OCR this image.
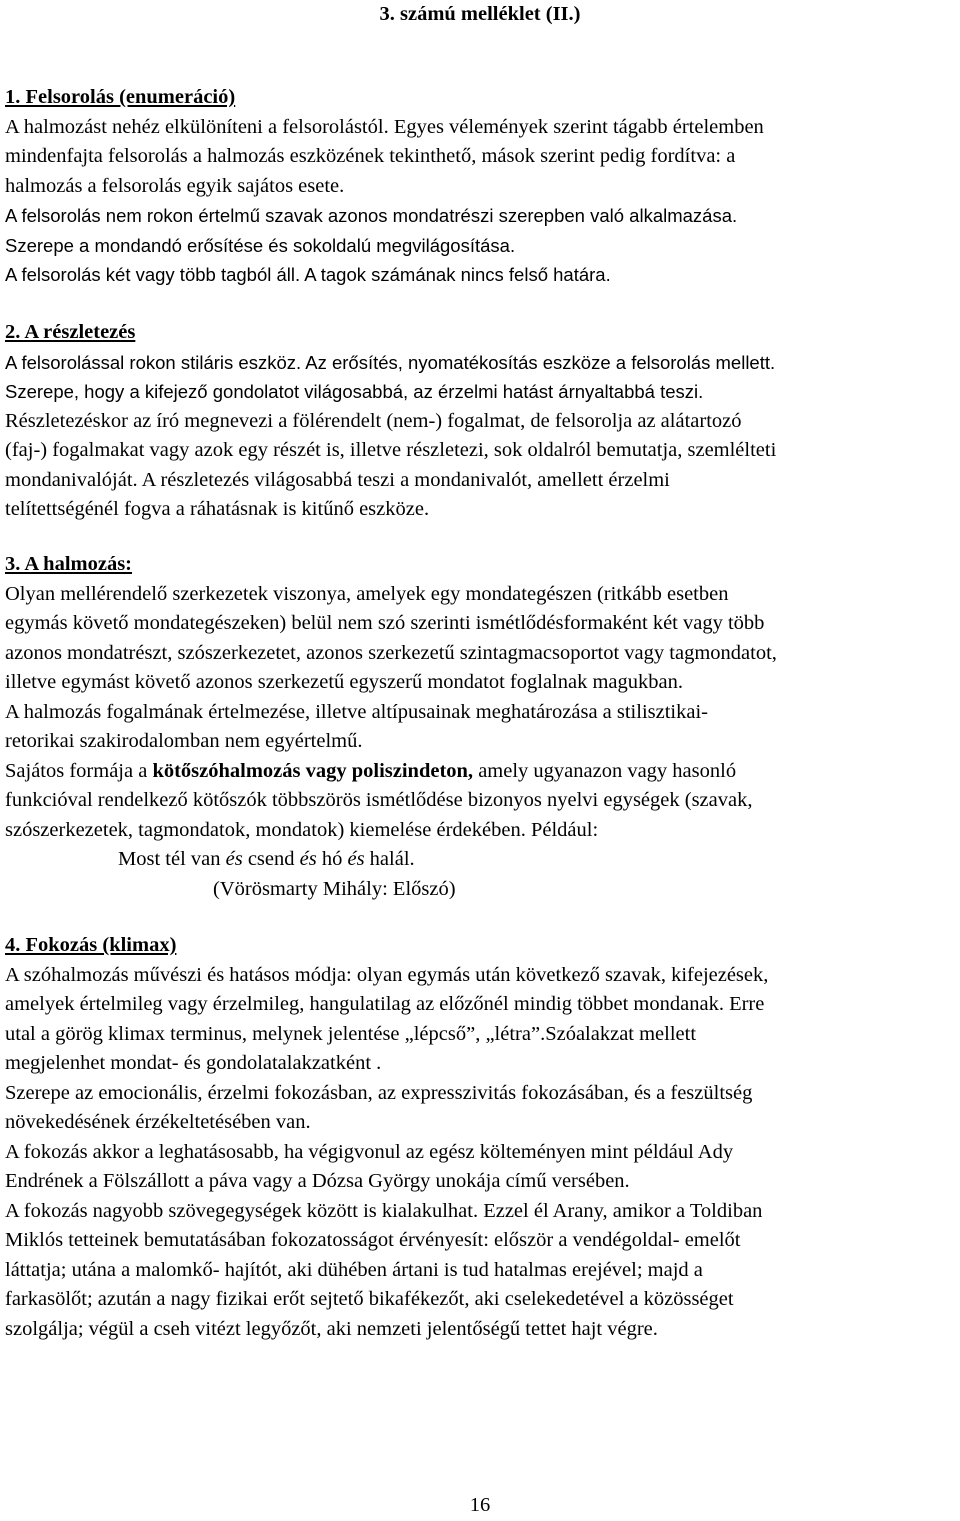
3. számú melléklet (II.)
1. Felsorolás (enumeráció)
A halmozást nehéz elkülöníteni a felsorolástól. Egyes vélemények szerint tágabb értelemben
mindenfajta felsorolás a halmozás eszközének tekinthető, mások szerint pedig fordítva: a
halmozás a felsorolás egyik sajátos esete.
A felsorolás nem rokon értelmű szavak azonos mondatrészi szerepben való alkalmazása.
Szerepe a mondandó erősítése és sokoldalú megvilágosítása.
A felsorolás két vagy több tagból áll. A tagok számának nincs felső határa.
2. A részletezés
A felsorolással rokon stiláris eszköz. Az erősítés, nyomatékosítás eszköze a felsorolás mellett.
Szerepe, hogy a kifejező gondolatot világosabbá, az érzelmi hatást árnyaltabbá teszi.
Részletezéskor az író megnevezi a fölérendelt (nem-) fogalmat, de felsorolja az alátartozó
(faj-) fogalmakat vagy azok egy részét is, illetve részletezi, sok oldalról bemutatja, szemlélteti
mondanivalóját. A részletezés világosabbá teszi a mondanivalót, amellett érzelmi
telítettségénél fogva a ráhatásnak is kitűnő eszköze.
3. A halmozás:
Olyan mellérendelő szerkezetek viszonya, amelyek egy mondategészen (ritkább esetben
egymás követő mondategészeken) belül nem szó szerinti ismétlődésformaként két vagy több
azonos mondatrészt, szószerkezetet, azonos szerkezetű szintagmacsoportot vagy tagmondatot,
illetve egymást követő azonos szerkezetű egyszerű mondatot foglalnak magukban.
A halmozás fogalmának értelmezése, illetve altípusainak meghatározása a stilisztikai-
retorikai szakirodalomban nem egyértelmű.
Sajátos formája a kötőszóhalmozás vagy poliszindeton, amely ugyanazon vagy hasonló
funkcióval rendelkező kötőszók többszörös ismétlődése bizonyos nyelvi egységek (szavak,
szószerkezetek, tagmondatok, mondatok) kiemelése érdekében. Például:
Most tél van és csend és hó és halál.
(Vörösmarty Mihály: Előszó)
4. Fokozás (klimax)
A szóhalmozás művészi és hatásos módja: olyan egymás után következő szavak, kifejezések,
amelyek értelmileg vagy érzelmileg, hangulatilag az előzőnél mindig többet mondanak. Erre
utal a görög klimax terminus, melynek jelentése „lépcső”, „létra”.Szóalakzat mellett
megjelenhet mondat- és gondolatalakzatként .
Szerepe az emocionális, érzelmi fokozásban, az expresszivitás fokozásában, és a feszültség
növekedésének érzékeltetésében van.
A fokozás akkor a leghatásosabb, ha végigvonul az egész költeményen mint például Ady
Endrének a Fölszállott a páva vagy a Dózsa György unokája című versében.
A fokozás nagyobb szövegegységek között is kialakulhat. Ezzel él Arany, amikor a Toldiban
Miklós tetteinek bemutatásában fokozatosságot érvényesít: először a vendégoldal- emelőt
láttatja; utána a malomkő- hajítót, aki dühében ártani is tud hatalmas erejével; majd a
farkasölőt; azután a nagy fizikai erőt sejtető bikafékezőt, aki cselekedetével a közösséget
szolgálja; végül a cseh vitézt legyőzőt, aki nemzeti jelentőségű tettet hajt végre.
16
